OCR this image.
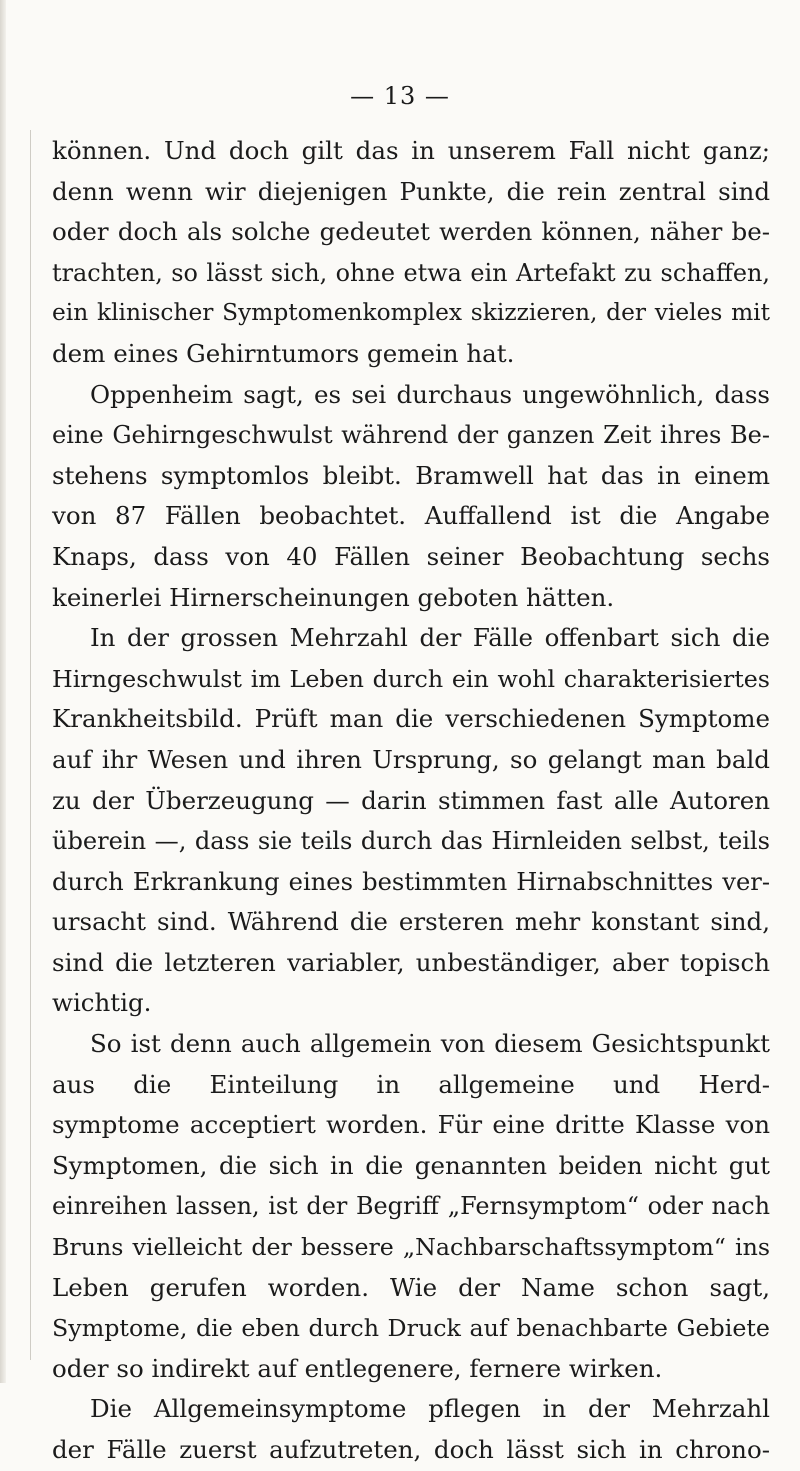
— 13 —
können. Und doch gilt das in unserem Fall nicht ganz;
denn wenn wir diejenigen Punkte, die rein zentral sind
oder doch als solche gedeutet werden können, näher be-
trachten, so lässt sich, ohne etwa ein Artefakt zu schaffen,
ein klinischer Symptomenkomplex skizzieren, der vieles mit
dem eines Gehirntumors gemein hat.
Oppenheim sagt, es sei durchaus ungewöhnlich, dass
eine Gehirngeschwulst während der ganzen Zeit ihres Be-
stehens symptomlos bleibt. Bramwell hat das in einem
von 87 Fällen beobachtet. Auffallend ist die Angabe
Knaps, dass von 40 Fällen seiner Beobachtung sechs
keinerlei Hirnerscheinungen geboten hätten.
In der grossen Mehrzahl der Fälle offenbart sich die
Hirngeschwulst im Leben durch ein wohl charakterisiertes
Krankheitsbild. Prüft man die verschiedenen Symptome
auf ihr Wesen und ihren Ursprung, so gelangt man bald
zu der Überzeugung — darin stimmen fast alle Autoren
überein —, dass sie teils durch das Hirnleiden selbst, teils
durch Erkrankung eines bestimmten Hirnabschnittes ver-
ursacht sind. Während die ersteren mehr konstant sind,
sind die letzteren variabler, unbeständiger, aber topisch
wichtig.
So ist denn auch allgemein von diesem Gesichtspunkt
aus die Einteilung in allgemeine und Herd-
symptome acceptiert worden. Für eine dritte Klasse von
Symptomen, die sich in die genannten beiden nicht gut
einreihen lassen, ist der Begriff „Fernsymptom“ oder nach
Bruns vielleicht der bessere „Nachbarschaftssymptom“ ins
Leben gerufen worden. Wie der Name schon sagt,
Symptome, die eben durch Druck auf benachbarte Gebiete
oder so indirekt auf entlegenere, fernere wirken.
Die Allgemeinsymptome pflegen in der Mehrzahl
der Fälle zuerst aufzutreten, doch lässt sich in chrono-
